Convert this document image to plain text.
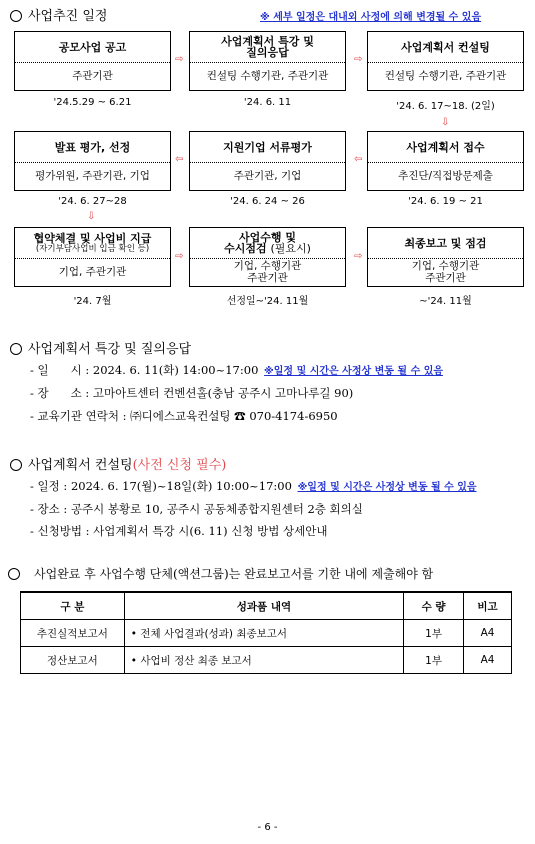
사업추진 일정	※ 세부 일정은 대내외 사정에 의해 변경될 수 있음
공모사업 공고
주관기관
사업계획서 특강 및
질의응답
컨설팅 수행기관, 주관기관
사업계획서 컨설팅
컨설팅 수행기관, 주관기관
⇨	⇨
'24.5.29 ~ 6.21	'24. 6. 11	'24. 6. 17~18. (2일)
⇩
발표 평가, 선정
평가위원, 주관기관, 기업
지원기업 서류평가
주관기관, 기업
사업계획서 접수
추진단/직접방문제출
⇦	⇦
'24. 6. 27~28	'24. 6. 24 ~ 26	'24. 6. 19 ~ 21
⇩
협약체결 및 사업비 지급
(자기부담사업비 입금 확인 등)
기업, 주관기관
사업수행 및
수시점검 (필요시)
기업, 수행기관
주관기관
최종보고 및 점검
기업, 수행기관
주관기관
⇨	⇨
'24. 7월	선정일~'24. 11월	~'24. 11월
사업계획서 특강 및 질의응답
- 일      시 : 2024. 6. 11(화) 14:00~17:00 ※일정 및 시간은 사정상 변동 될 수 있음
- 장      소 : 고마아트센터 컨벤션홀(충남 공주시 고마나루길 90)
- 교육기관 연락처 : ㈜디에스교육컨설팅 ☎ 070-4174-6950
사업계획서 컨설팅(사전 신청 필수)
- 일정 : 2024. 6. 17(월)~18일(화) 10:00~17:00 ※일정 및 시간은 사정상 변동 될 수 있음
- 장소 : 공주시 봉황로 10, 공주시 공동체종합지원센터 2층 회의실
- 신청방법 : 사업계획서 특강 시(6. 11) 신청 방법 상세안내
사업완료 후 사업수행 단체(액션그룹)는 완료보고서를 기한 내에 제출해야 함
구 분	성과품 내역	수 량	비고
추진실적보고서	• 전체 사업결과(성과) 최종보고서	1부	A4
정산보고서	• 사업비 정산 최종 보고서	1부	A4
- 6 -
